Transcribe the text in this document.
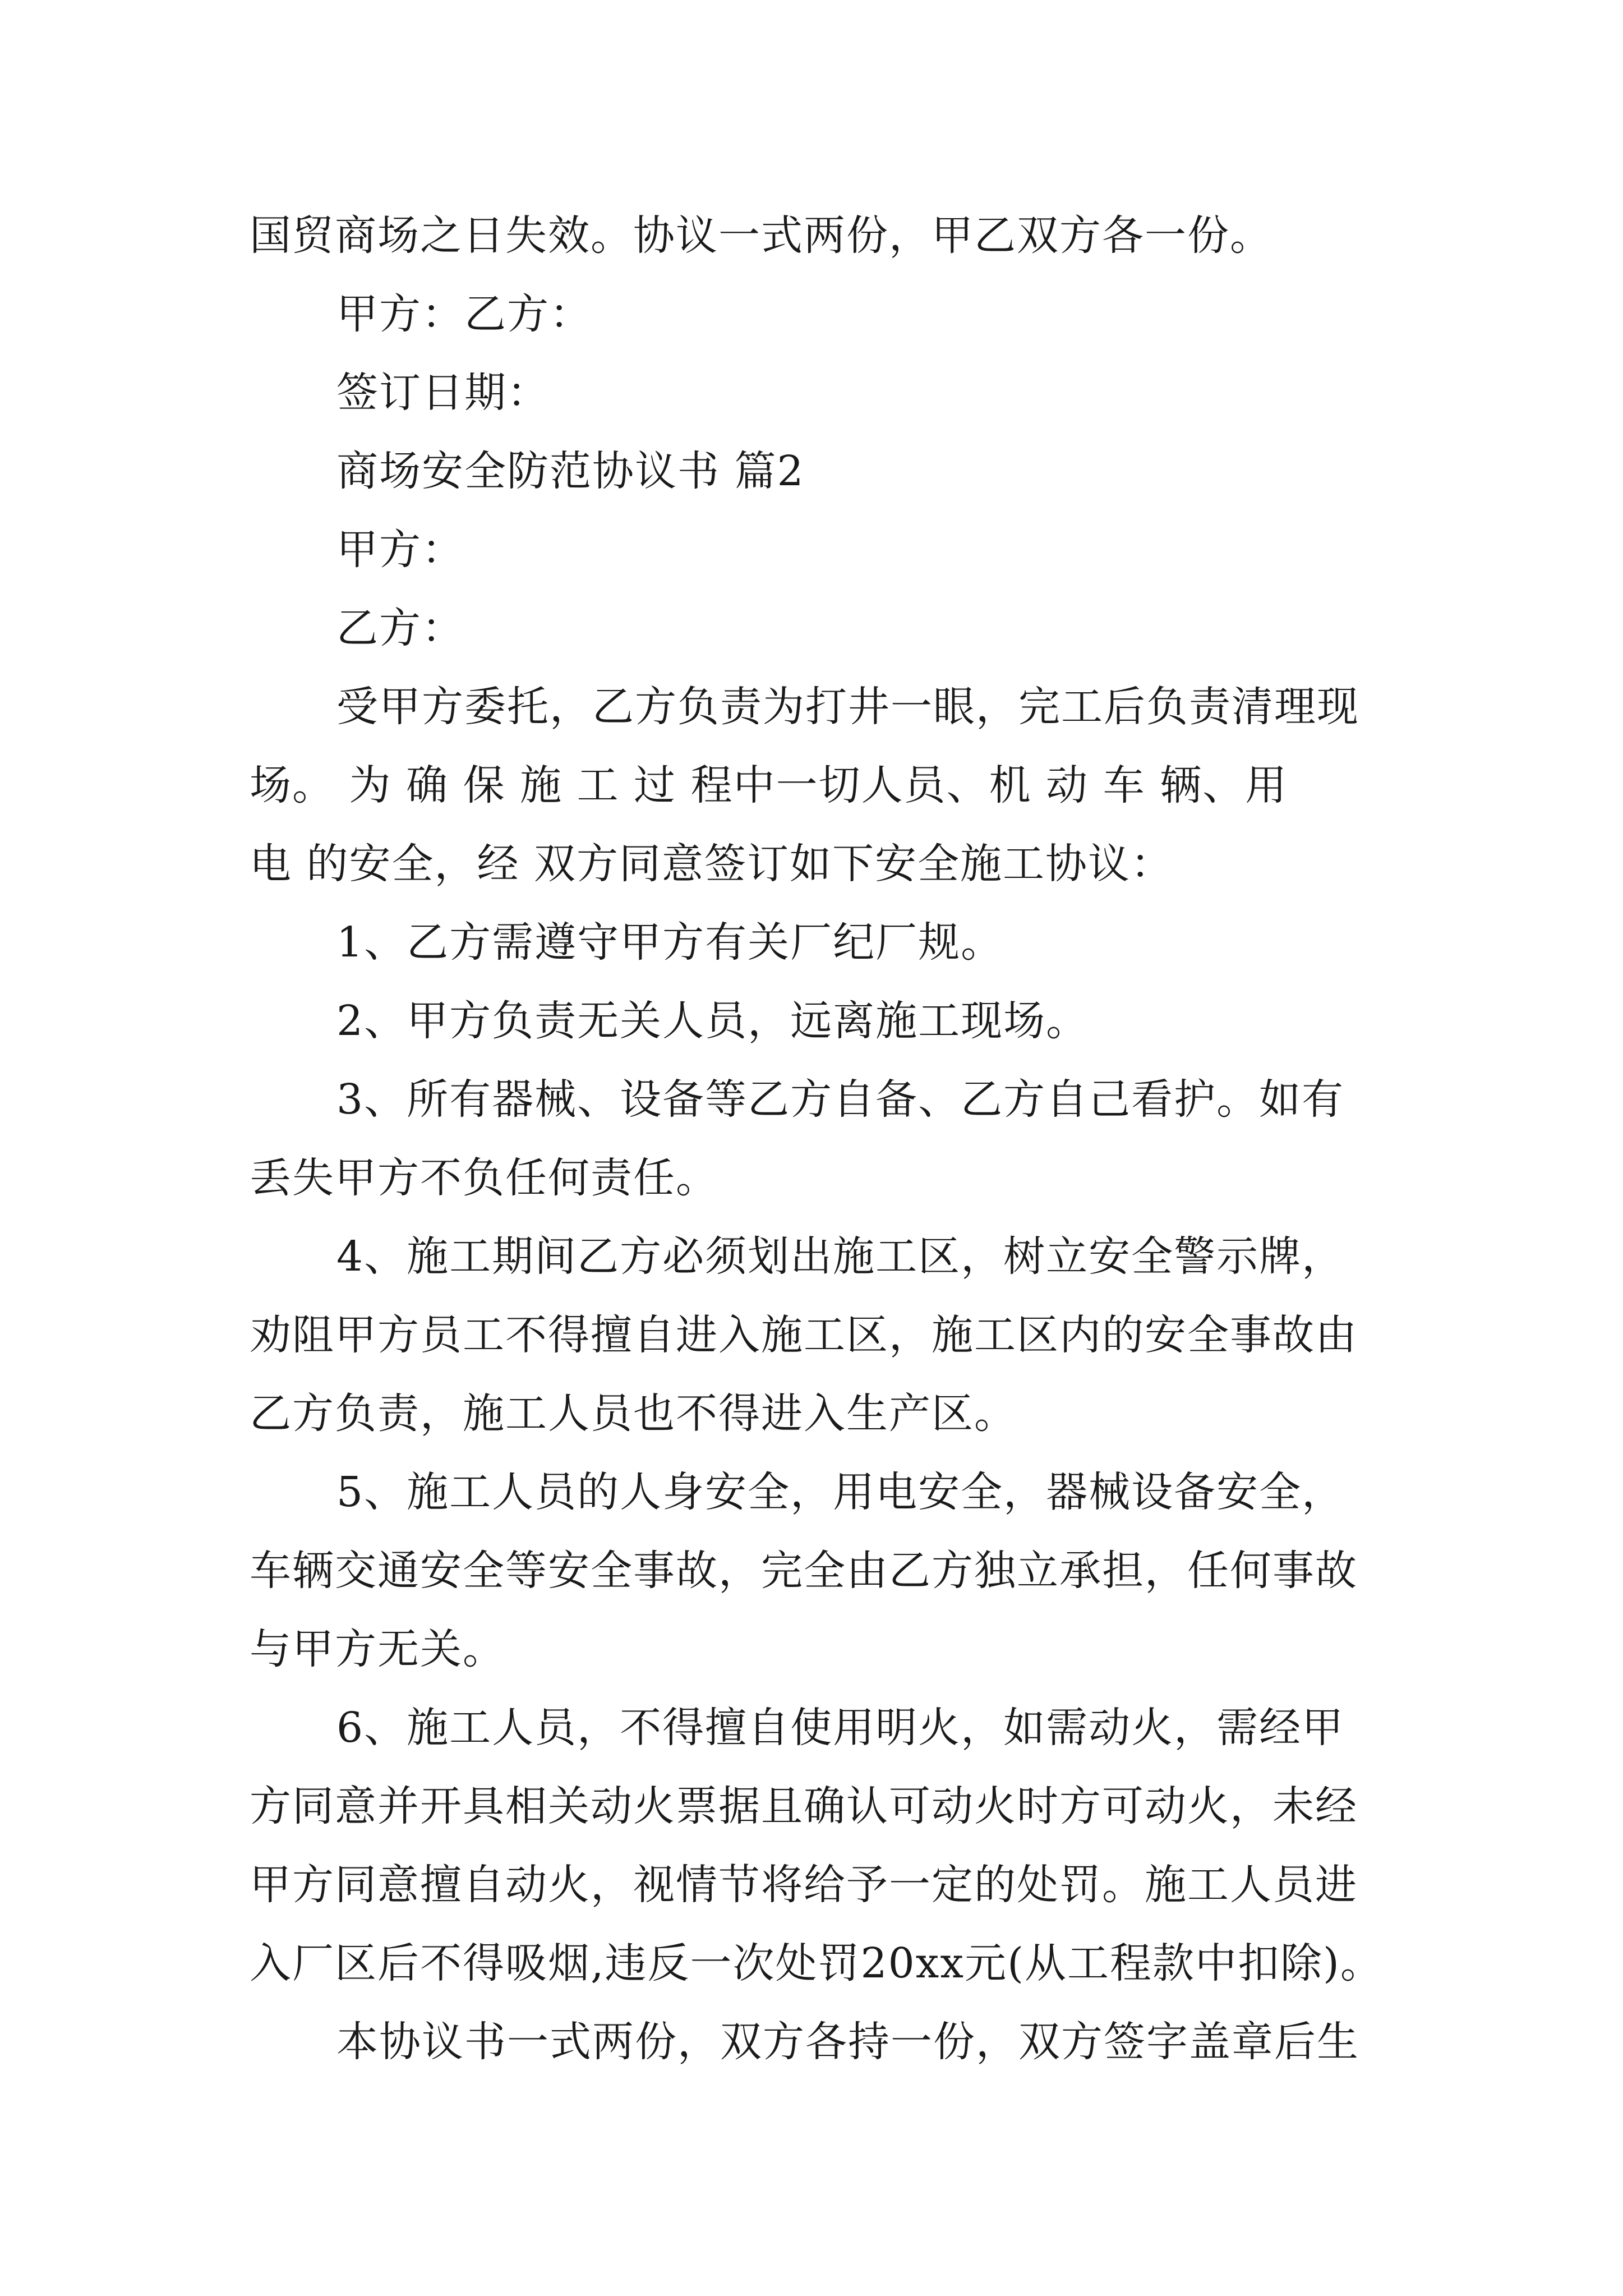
国贸商场之日失效。协议一式两份，甲乙双方各一份。
甲方：乙方：
签订日期：
商场安全防范协议书 篇2
甲方：
乙方：
受甲方委托，乙方负责为打井一眼，完工后负责清理现
场。 为 确 保 施 工 过 程中一切人员、机 动 车 辆、用
电 的安全，经 双方同意签订如下安全施工协议：
1、乙方需遵守甲方有关厂纪厂规。
2、甲方负责无关人员，远离施工现场。
3、所有器械、设备等乙方自备、乙方自己看护。如有
丢失甲方不负任何责任。
4、施工期间乙方必须划出施工区，树立安全警示牌，
劝阻甲方员工不得擅自进入施工区，施工区内的安全事故由
乙方负责，施工人员也不得进入生产区。
5、施工人员的人身安全，用电安全，器械设备安全，
车辆交通安全等安全事故，完全由乙方独立承担，任何事故
与甲方无关。
6、施工人员，不得擅自使用明火，如需动火，需经甲
方同意并开具相关动火票据且确认可动火时方可动火，未经
甲方同意擅自动火，视情节将给予一定的处罚。施工人员进
入厂区后不得吸烟,违反一次处罚20xx元(从工程款中扣除)。
本协议书一式两份，双方各持一份，双方签字盖章后生
